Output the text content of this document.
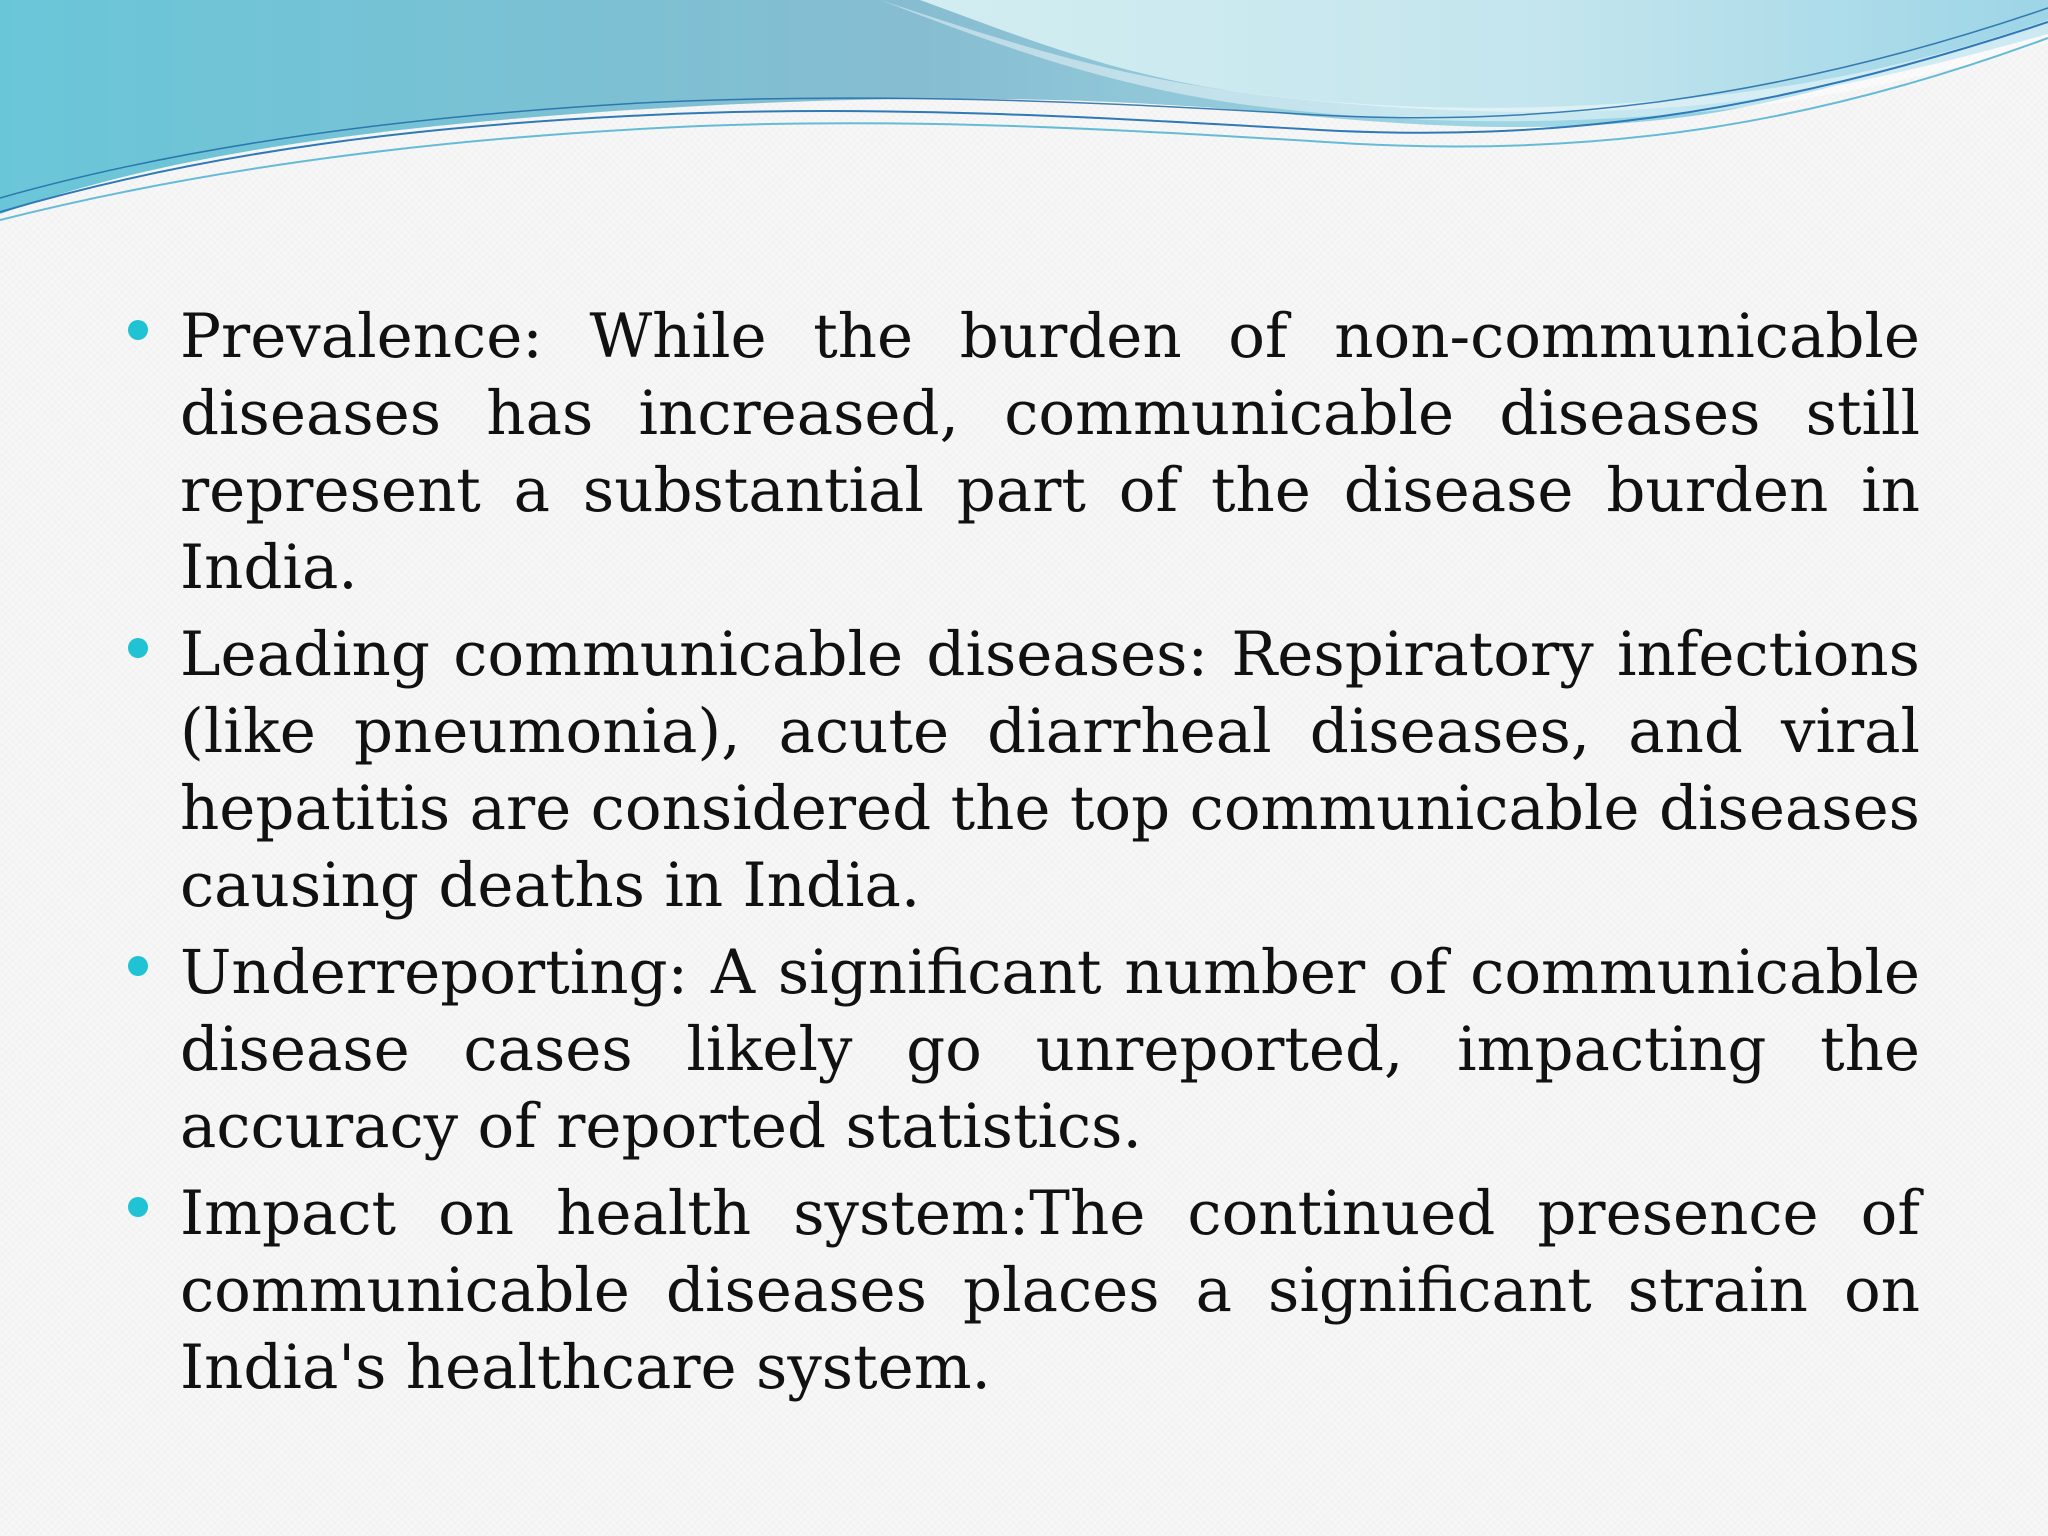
Prevalence: While the burden of non-communicable diseases has increased, communicable diseases still represent a substantial part of the disease burden in India.
Leading communicable diseases: Respiratory infections (like pneumonia), acute diarrheal diseases, and viral hepatitis are considered the top communicable diseases causing deaths in India.
Underreporting: A significant number of communicable disease cases likely go unreported, impacting the accuracy of reported statistics.
Impact on health system:The continued presence of communicable diseases places a significant strain on India's healthcare system.
